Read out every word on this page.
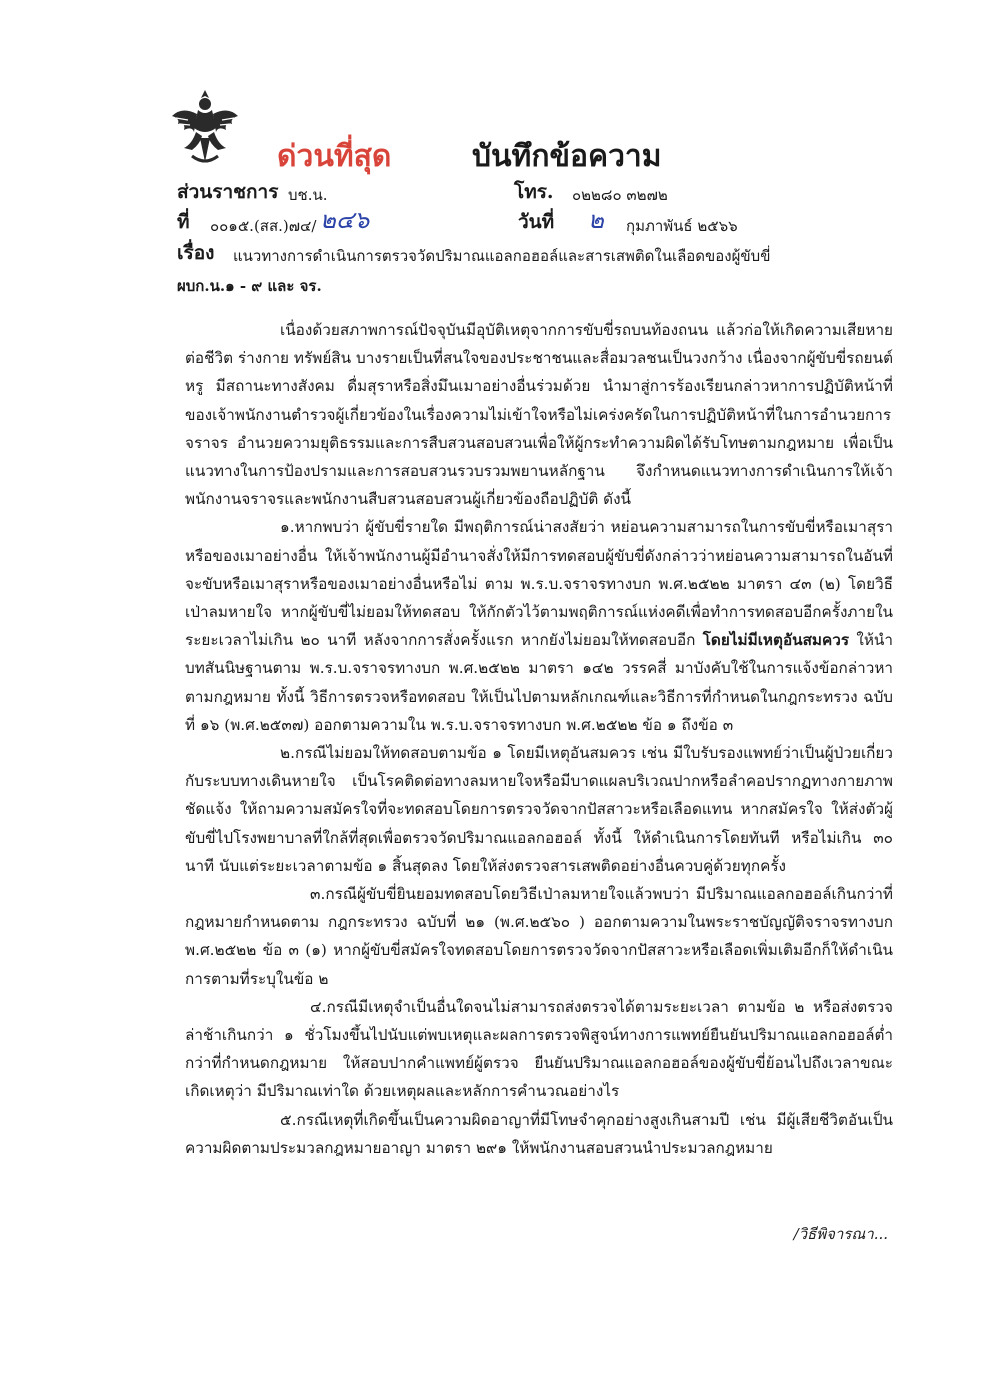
ด่วนที่สุด	บันทึกข้อความ
ส่วนราชการ บช.น.	โทร. ๐๒๒๘๐ ๓๒๗๒
ที่ ๐๐๑๕.(สส.)๗๔/ ๒๔๖	วันที่ ๒ กุมภาพันธ์ ๒๕๖๖
เรื่อง แนวทางการดำเนินการตรวจวัดปริมาณแอลกอฮอล์และสารเสพติดในเลือดของผู้ขับขี่
ผบก.น.๑ - ๙ และ จร.

เนื่องด้วยสภาพการณ์ปัจจุบันมีอุบัติเหตุจากการขับขี่รถบนท้องถนน แล้วก่อให้เกิดความเสียหายต่อชีวิต ร่างกาย ทรัพย์สิน บางรายเป็นที่สนใจของประชาชนและสื่อมวลชนเป็นวงกว้าง เนื่องจากผู้ขับขี่รถยนต์หรู มีสถานะทางสังคม ดื่มสุราหรือสิ่งมึนเมาอย่างอื่นร่วมด้วย นำมาสู่การร้องเรียนกล่าวหาการปฏิบัติหน้าที่ของเจ้าพนักงานตำรวจผู้เกี่ยวข้องในเรื่องความไม่เข้าใจหรือไม่เคร่งครัดในการปฏิบัติหน้าที่ในการอำนวยการจราจร อำนวยความยุติธรรมและการสืบสวนสอบสวนเพื่อให้ผู้กระทำความผิดได้รับโทษตามกฎหมาย เพื่อเป็นแนวทางในการป้องปรามและการสอบสวนรวบรวมพยานหลักฐาน จึงกำหนดแนวทางการดำเนินการให้เจ้าพนักงานจราจรและพนักงานสืบสวนสอบสวนผู้เกี่ยวข้องถือปฏิบัติ ดังนี้

๑.หากพบว่า ผู้ขับขี่รายใด มีพฤติการณ์น่าสงสัยว่า หย่อนความสามารถในการขับขี่หรือเมาสุราหรือของเมาอย่างอื่น ให้เจ้าพนักงานผู้มีอำนาจสั่งให้มีการทดสอบผู้ขับขี่ดังกล่าวว่าหย่อนความสามารถในอันที่จะขับหรือเมาสุราหรือของเมาอย่างอื่นหรือไม่ ตาม พ.ร.บ.จราจรทางบก พ.ศ.๒๕๒๒ มาตรา ๔๓ (๒) โดยวิธีเป่าลมหายใจ หากผู้ขับขี่ไม่ยอมให้ทดสอบ ให้กักตัวไว้ตามพฤติการณ์แห่งคดีเพื่อทำการทดสอบอีกครั้งภายในระยะเวลาไม่เกิน ๒๐ นาที หลังจากการสั่งครั้งแรก หากยังไม่ยอมให้ทดสอบอีก โดยไม่มีเหตุอันสมควร ให้นำบทสันนิษฐานตาม พ.ร.บ.จราจรทางบก พ.ศ.๒๕๒๒ มาตรา ๑๔๒ วรรคสี่ มาบังคับใช้ในการแจ้งข้อกล่าวหาตามกฎหมาย ทั้งนี้ วิธีการตรวจหรือทดสอบ ให้เป็นไปตามหลักเกณฑ์และวิธีการที่กำหนดในกฎกระทรวง ฉบับที่ ๑๖ (พ.ศ.๒๕๓๗) ออกตามความใน พ.ร.บ.จราจรทางบก พ.ศ.๒๕๒๒ ข้อ ๑ ถึงข้อ ๓

๒.กรณีไม่ยอมให้ทดสอบตามข้อ ๑ โดยมีเหตุอันสมควร เช่น มีใบรับรองแพทย์ว่าเป็นผู้ป่วยเกี่ยวกับระบบทางเดินหายใจ เป็นโรคติดต่อทางลมหายใจหรือมีบาดแผลบริเวณปากหรือลำคอปรากฏทางกายภาพชัดแจ้ง ให้ถามความสมัครใจที่จะทดสอบโดยการตรวจวัดจากปัสสาวะหรือเลือดแทน หากสมัครใจ ให้ส่งตัวผู้ขับขี่ไปโรงพยาบาลที่ใกล้ที่สุดเพื่อตรวจวัดปริมาณแอลกอฮอล์ ทั้งนี้ ให้ดำเนินการโดยทันที หรือไม่เกิน ๓๐ นาที นับแต่ระยะเวลาตามข้อ ๑ สิ้นสุดลง โดยให้ส่งตรวจสารเสพติดอย่างอื่นควบคู่ด้วยทุกครั้ง

๓.กรณีผู้ขับขี่ยินยอมทดสอบโดยวิธีเป่าลมหายใจแล้วพบว่า มีปริมาณแอลกอฮอล์เกินกว่าที่กฎหมายกำหนดตาม กฎกระทรวง ฉบับที่ ๒๑ (พ.ศ.๒๕๖๐ ) ออกตามความในพระราชบัญญัติจราจรทางบก พ.ศ.๒๕๒๒ ข้อ ๓ (๑) หากผู้ขับขี่สมัครใจทดสอบโดยการตรวจวัดจากปัสสาวะหรือเลือดเพิ่มเติมอีกก็ให้ดำเนินการตามที่ระบุในข้อ ๒

๔.กรณีมีเหตุจำเป็นอื่นใดจนไม่สามารถส่งตรวจได้ตามระยะเวลา ตามข้อ ๒ หรือส่งตรวจล่าช้าเกินกว่า ๑ ชั่วโมงขึ้นไปนับแต่พบเหตุและผลการตรวจพิสูจน์ทางการแพทย์ยืนยันปริมาณแอลกอฮอล์ต่ำกว่าที่กำหนดกฎหมาย ให้สอบปากคำแพทย์ผู้ตรวจ ยืนยันปริมาณแอลกอฮอล์ของผู้ขับขี่ย้อนไปถึงเวลาขณะเกิดเหตุว่า มีปริมาณเท่าใด ด้วยเหตุผลและหลักการคำนวณอย่างไร

๕.กรณีเหตุที่เกิดขึ้นเป็นความผิดอาญาที่มีโทษจำคุกอย่างสูงเกินสามปี เช่น มีผู้เสียชีวิตอันเป็นความผิดตามประมวลกฎหมายอาญา มาตรา ๒๙๑ ให้พนักงานสอบสวนนำประมวลกฎหมาย

/วิธีพิจารณา...
